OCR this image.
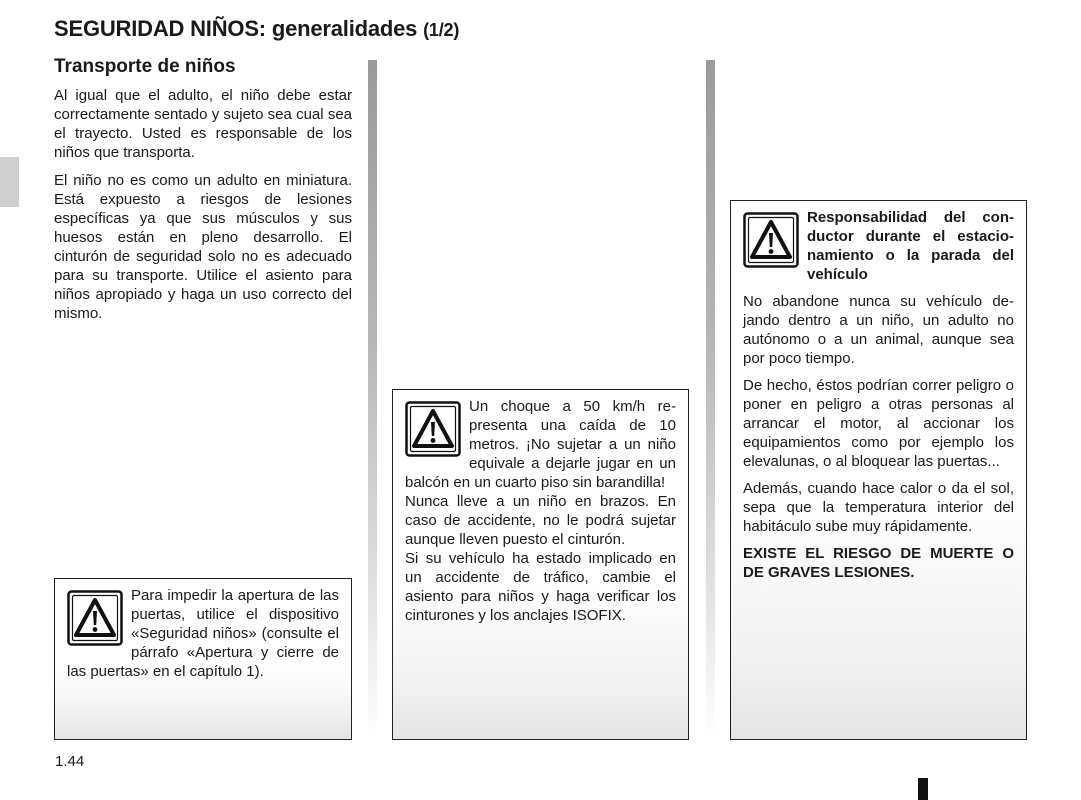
SEGURIDAD NIÑOS: generalidades (1/2)
Transporte de niños

Al igual que el adulto, el niño debe estar correctamente sentado y sujeto sea cual sea el trayecto. Usted es responsable de los niños que transporta.

El niño no es como un adulto en miniatura. Está expuesto a riesgos de lesiones específicas ya que sus músculos y sus huesos están en pleno desarrollo. El cinturón de seguridad solo no es adecuado para su transporte. Utilice el asiento para niños apropiado y haga un uso correcto del mismo.

Para impedir la apertura de las puertas, utilice el dispositivo «Seguridad niños» (consulte el párrafo «Apertura y cierre de las puertas» en el capítulo 1).

Un choque a 50 km/h representa una caída de 10 metros. ¡No sujetar a un niño equivale a dejarle jugar en un balcón en un cuarto piso sin barandilla!

Nunca lleve a un niño en brazos. En caso de accidente, no le podrá sujetar aunque lleven puesto el cinturón.

Si su vehículo ha estado implicado en un accidente de tráfico, cambie el asiento para niños y haga verificar los cinturones y los anclajes ISOFIX.

Responsabilidad del conductor durante el estacionamiento o la parada del vehículo

No abandone nunca su vehículo dejando dentro a un niño, un adulto no autónomo o a un animal, aunque sea por poco tiempo.

De hecho, éstos podrían correr peligro o poner en peligro a otras personas al arrancar el motor, al accionar los equipamientos como por ejemplo los elevalunas, o al bloquear las puertas...

Además, cuando hace calor o da el sol, sepa que la temperatura interior del habitáculo sube muy rápidamente.

EXISTE EL RIESGO DE MUERTE O DE GRAVES LESIONES.

1.44
